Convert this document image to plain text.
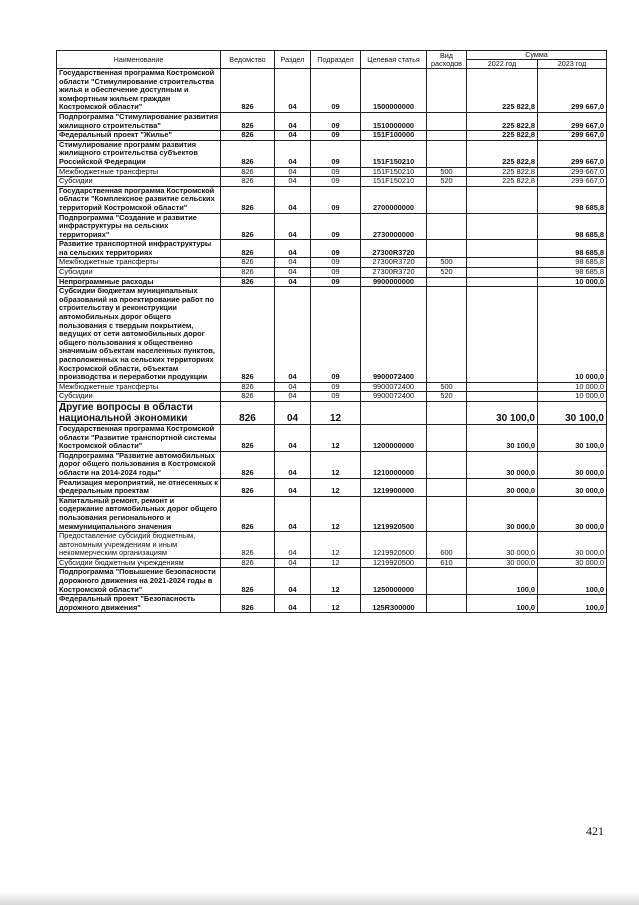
Наименование	Ведомство	Раздел	Подраздел	Целевая статья	Вид расходов	Сумма	
						2022 год	2023 год
Государственная программа Костромской области "Стимулирование строительства жилья и обеспечение доступным и комфортным жильем граждан Костромской области"	826	04	09	1500000000		225 822,8	299 667,0
Подпрограмма "Стимулирование развития жилищного строительства"	826	04	09	1510000000		225 822,8	299 667,0
Федеральный проект "Жилье"	826	04	09	151F100000		225 822,8	299 667,0
Стимулирование программ развития жилищного строительства субъектов Российской Федерации	826	04	09	151F150210		225 822,8	299 667,0
Межбюджетные трансферты	826	04	09	151F150210	500	225 822,8	299 667,0
Субсидии	826	04	09	151F150210	520	225 822,8	299 667,0
Государственная программа Костромской области "Комплексное развитие сельских территорий Костромской области"	826	04	09	2700000000			98 685,8
Подпрограмма "Создание и развитие инфраструктуры на сельских территориях"	826	04	09	2730000000			98 685,8
Развитие транспортной инфраструктуры на сельских территориях	826	04	09	27300R3720			98 685,8
Межбюджетные трансферты	826	04	09	27300R3720	500		98 685,8
Субсидии	826	04	09	27300R3720	520		98 685,8
Непрограммные расходы	826	04	09	9900000000			10 000,0
Субсидии бюджетам муниципальных образований на проектирование работ по строительству и реконструкции автомобильных дорог общего пользования с твердым покрытием, ведущих от сети автомобильных дорог общего пользования к общественно значимым объектам населенных пунктов, расположенных на сельских территориях Костромской области, объектам производства и переработки продукции	826	04	09	9900072400			10 000,0
Межбюджетные трансферты	826	04	09	9900072400	500		10 000,0
Субсидии	826	04	09	9900072400	520		10 000,0
Другие вопросы в области национальной экономики	826	04	12			30 100,0	30 100,0
Государственная программа Костромской области "Развитие транспортной системы Костромской области"	826	04	12	1200000000		30 100,0	30 100,0
Подпрограмма "Развитие автомобильных дорог общего пользования в Костромской области на 2014-2024 годы"	826	04	12	1210000000		30 000,0	30 000,0
Реализация мероприятий, не отнесенных к федеральным проектам	826	04	12	1219900000		30 000,0	30 000,0
Капитальный ремонт, ремонт и содержание автомобильных дорог общего пользования регионального и межмуниципального значения	826	04	12	1219920500		30 000,0	30 000,0
Предоставление субсидий бюджетным, автономным учреждениям и иным некоммерческим организациям	826	04	12	1219920500	600	30 000,0	30 000,0
Субсидии бюджетным учреждениям	826	04	12	1219920500	610	30 000,0	30 000,0
Подпрограмма "Повышение безопасности дорожного движения на 2021-2024 годы в Костромской области"	826	04	12	1250000000		100,0	100,0
Федеральный проект "Безопасность дорожного движения"	826	04	12	125R300000		100,0	100,0
421
